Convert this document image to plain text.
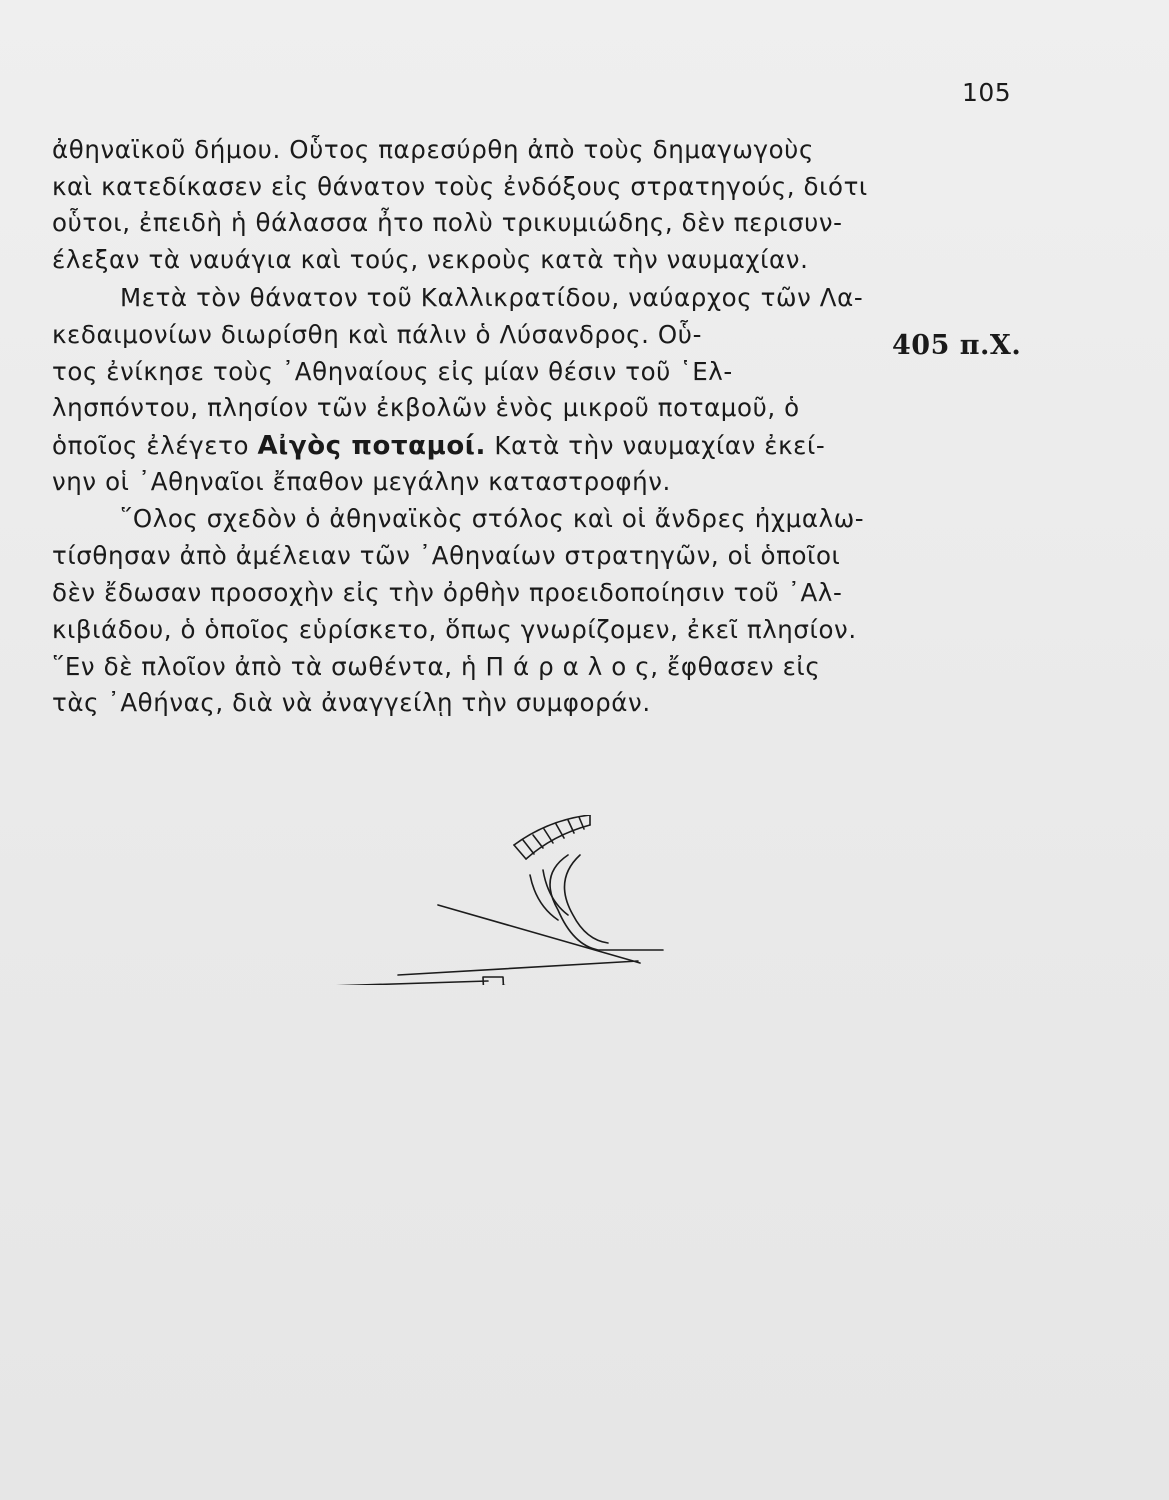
105
ἀθηναϊκοῦ δήμου. Οὗτος παρεσύρθη ἀπὸ τοὺς δημαγωγοὺς
καὶ κατεδίκασεν εἰς θάνατον τοὺς ἐνδόξους στρατηγούς, διότι
οὗτοι, ἐπειδὴ ἡ θάλασσα ἦτο πολὺ τρικυμιώδης, δὲν περισυν-
έλεξαν τὰ ναυάγια καὶ τούς, νεκροὺς κατὰ τὴν ναυμαχίαν.
Μετὰ τὸν θάνατον τοῦ Καλλικρατίδου, ναύαρχος τῶν Λα-
κεδαιμονίων διωρίσθη καὶ πάλιν ὁ Λύσανδρος. Οὗ-
τος ἐνίκησε τοὺς ᾿Αθηναίους εἰς μίαν θέσιν τοῦ ῾Ελ-
λησπόντου, πλησίον τῶν ἐκβολῶν ἑνὸς μικροῦ ποταμοῦ, ὁ
ὁποῖος ἐλέγετο Αἰγὸς ποταμοί. Κατὰ τὴν ναυμαχίαν ἐκεί-
νην οἱ ᾿Αθηναῖοι ἔπαθον μεγάλην καταστροφήν.
῞Ολος σχεδὸν ὁ ἀθηναϊκὸς στόλος καὶ οἱ ἄνδρες ἠχμαλω-
τίσθησαν ἀπὸ ἀμέλειαν τῶν ᾿Αθηναίων στρατηγῶν, οἱ ὁποῖοι
δὲν ἔδωσαν προσοχὴν εἰς τὴν ὀρθὴν προειδοποίησιν τοῦ ᾿Αλ-
κιβιάδου, ὁ ὁποῖος εὑρίσκετο, ὅπως γνωρίζομεν, ἐκεῖ πλησίον.
῞Εν δὲ πλοῖον ἀπὸ τὰ σωθέντα, ἡ Π ά ρ α λ ο ς, ἔφθασεν εἰς
τὰς ᾿Αθήνας, διὰ νὰ ἀναγγείλῃ τὴν συμφοράν.
405 π.Χ.
